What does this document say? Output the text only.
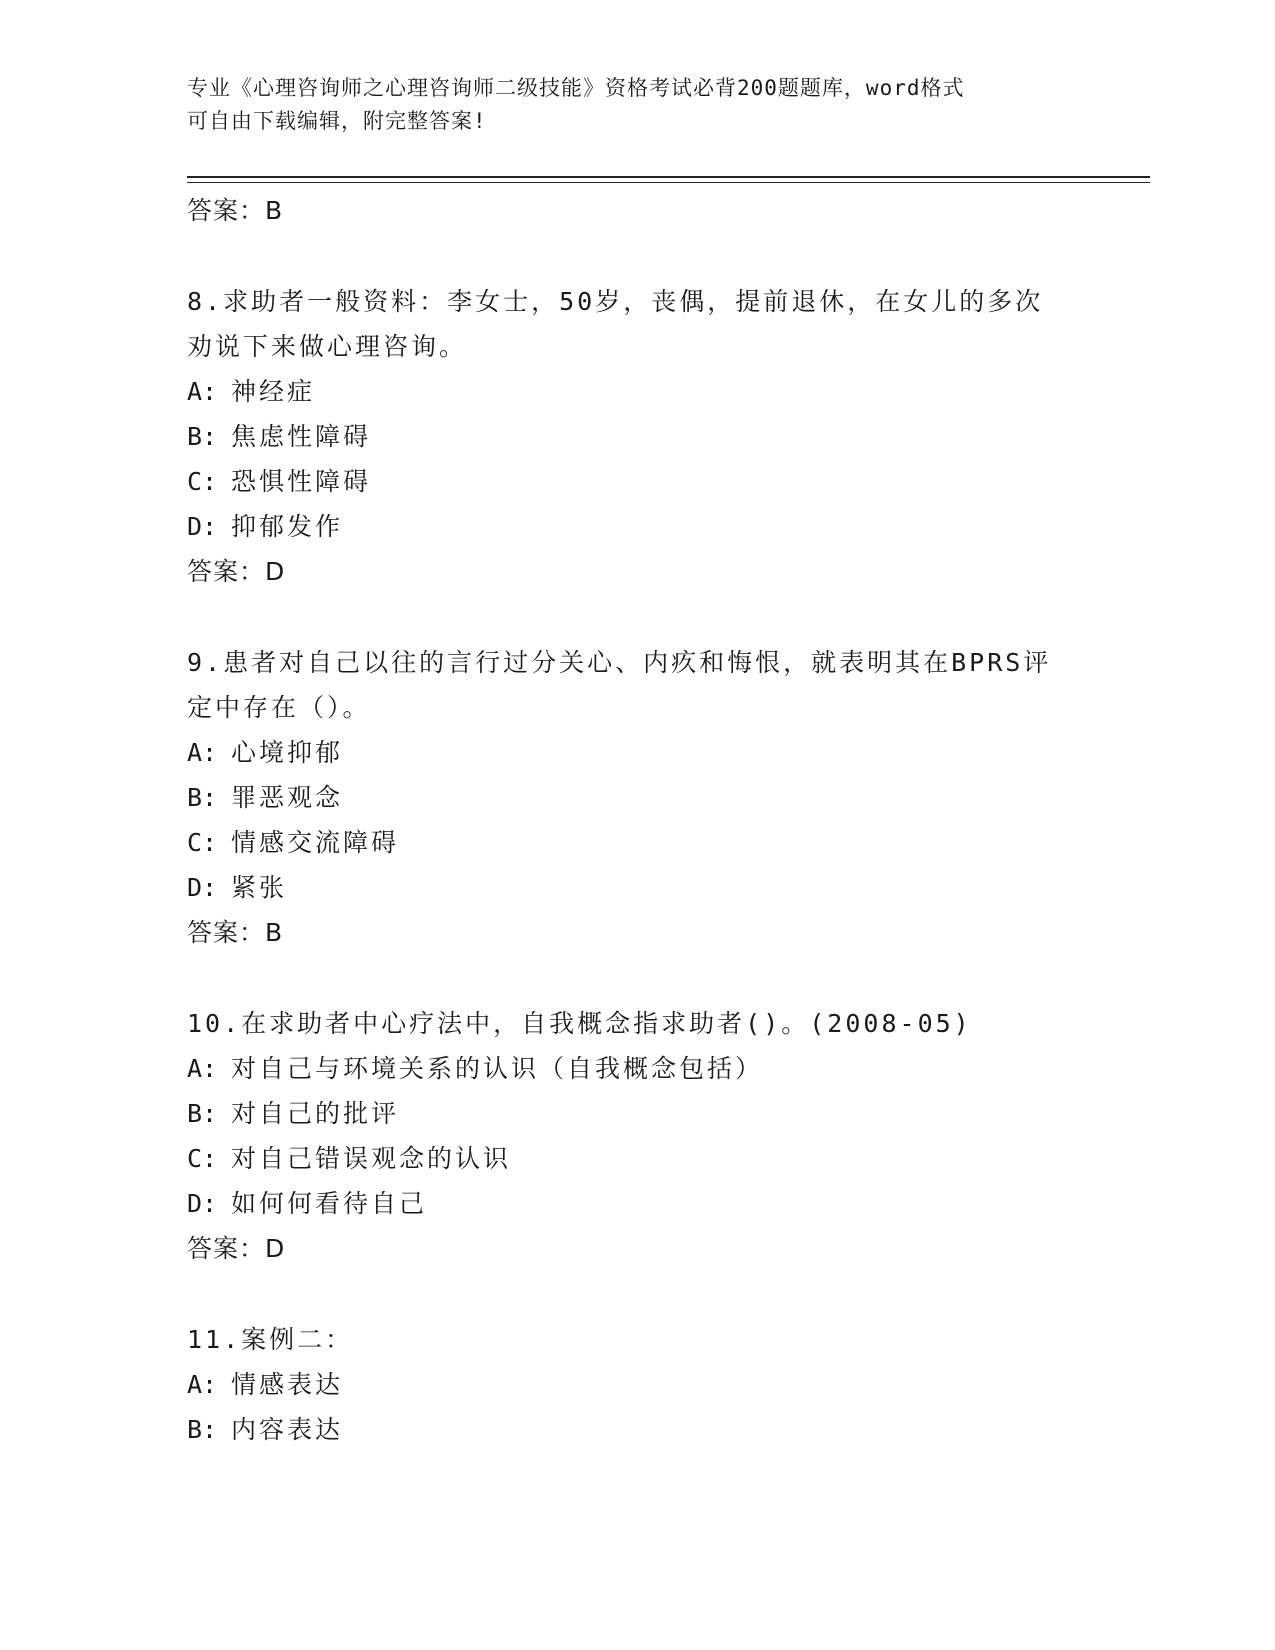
专业《心理咨询师之心理咨询师二级技能》资格考试必背200题题库，word格式
可自由下载编辑，附完整答案!
答案：B
8.求助者一般资料：李女士，50岁，丧偶，提前退休，在女儿的多次
劝说下来做心理咨询。
A: 神经症
B: 焦虑性障碍
C: 恐惧性障碍
D: 抑郁发作
答案：D
9.患者对自己以往的言行过分关心、内疚和悔恨，就表明其在BPRS评
定中存在（）。
A: 心境抑郁
B: 罪恶观念
C: 情感交流障碍
D: 紧张
答案：B
10.在求助者中心疗法中，自我概念指求助者()。(2008-05)
A: 对自己与环境关系的认识（自我概念包括）
B: 对自己的批评
C: 对自己错误观念的认识
D: 如何何看待自己
答案：D
11.案例二：
A: 情感表达
B: 内容表达
